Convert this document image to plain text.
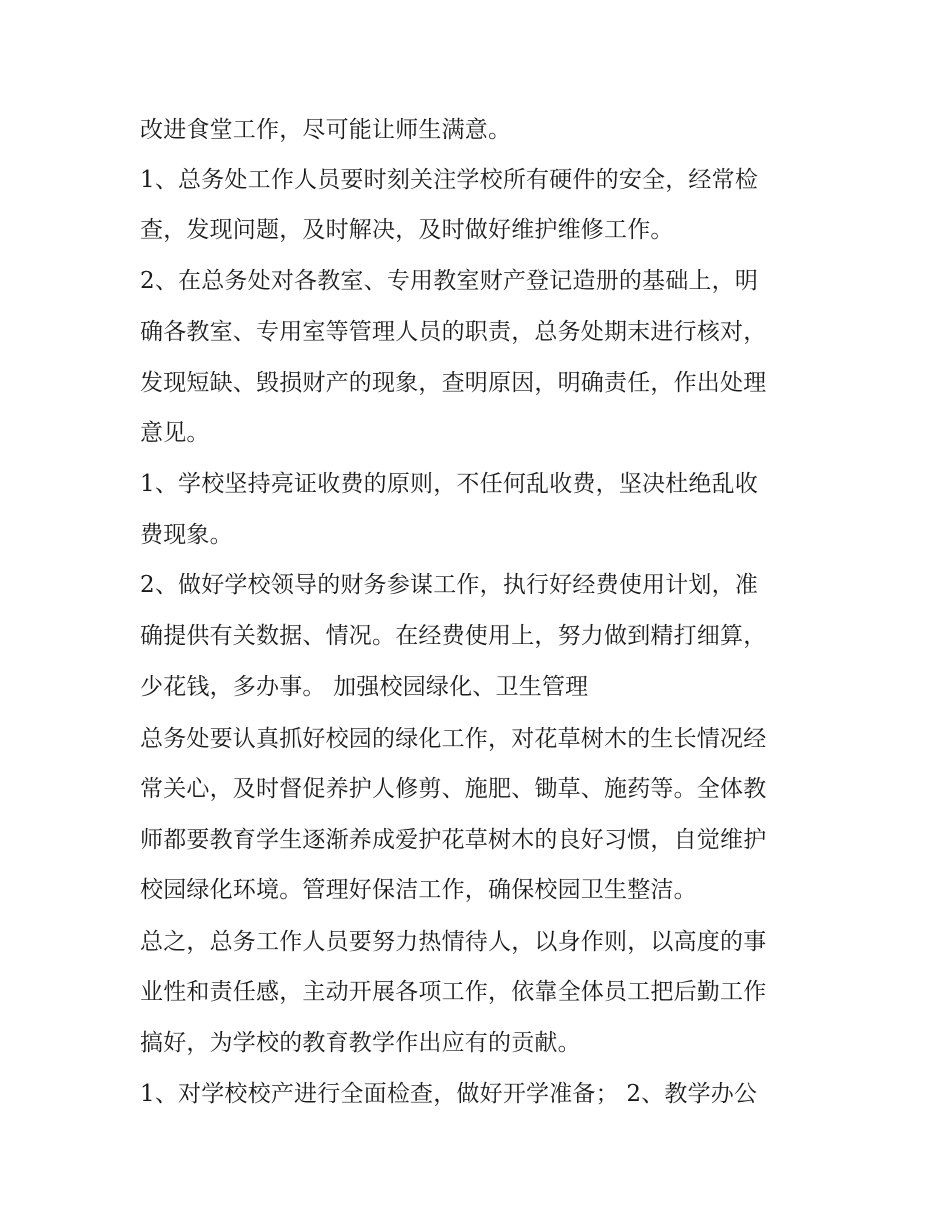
改进食堂工作，尽可能让师生满意。
1、总务处工作人员要时刻关注学校所有硬件的安全，经常检
查，发现问题，及时解决，及时做好维护维修工作。
2、在总务处对各教室、专用教室财产登记造册的基础上，明
确各教室、专用室等管理人员的职责，总务处期末进行核对，
发现短缺、毁损财产的现象，查明原因，明确责任，作出处理
意见。
1、学校坚持亮证收费的原则，不任何乱收费，坚决杜绝乱收
费现象。
2、做好学校领导的财务参谋工作，执行好经费使用计划，准
确提供有关数据、情况。在经费使用上，努力做到精打细算，
少花钱，多办事。 加强校园绿化、卫生管理
总务处要认真抓好校园的绿化工作，对花草树木的生长情况经
常关心，及时督促养护人修剪、施肥、锄草、施药等。全体教
师都要教育学生逐渐养成爱护花草树木的良好习惯，自觉维护
校园绿化环境。管理好保洁工作，确保校园卫生整洁。
总之，总务工作人员要努力热情待人，以身作则，以高度的事
业性和责任感，主动开展各项工作，依靠全体员工把后勤工作
搞好，为学校的教育教学作出应有的贡献。
1、对学校校产进行全面检查，做好开学准备； 2、教学办公
